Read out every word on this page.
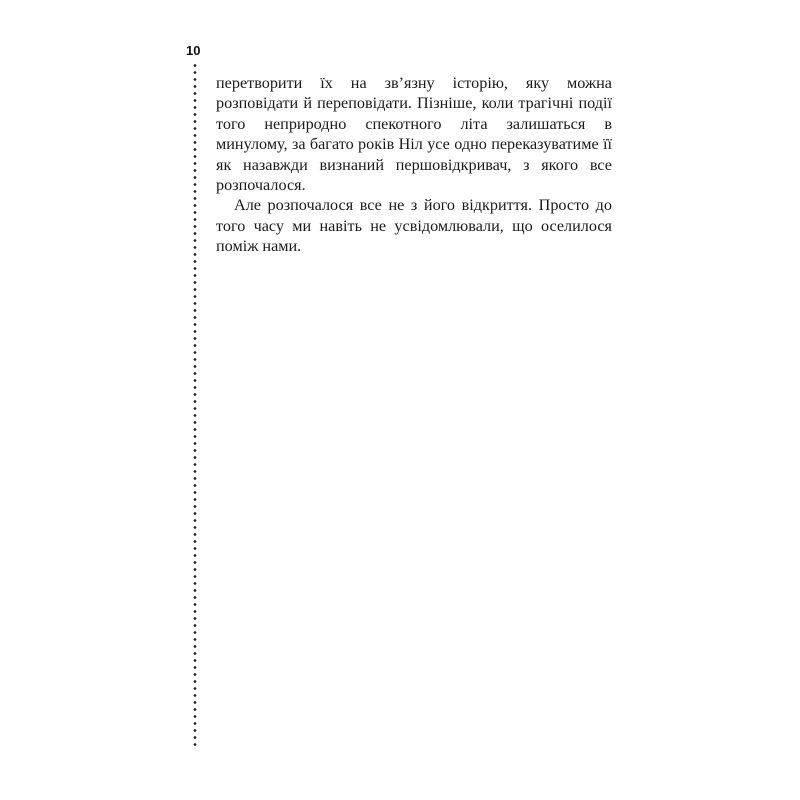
10

перетворити їх на зв’язну історію, яку можна розповідати й переповідати. Пізніше, коли трагічні події того неприродно спекотного літа залишаться в минулому, за багато років Ніл усе одно переказуватиме її як назавжди визнаний першовідкривач, з якого все розпочалося.

Але розпочалося все не з його відкриття. Просто до того часу ми навіть не усвідомлювали, що оселилося поміж нами.
